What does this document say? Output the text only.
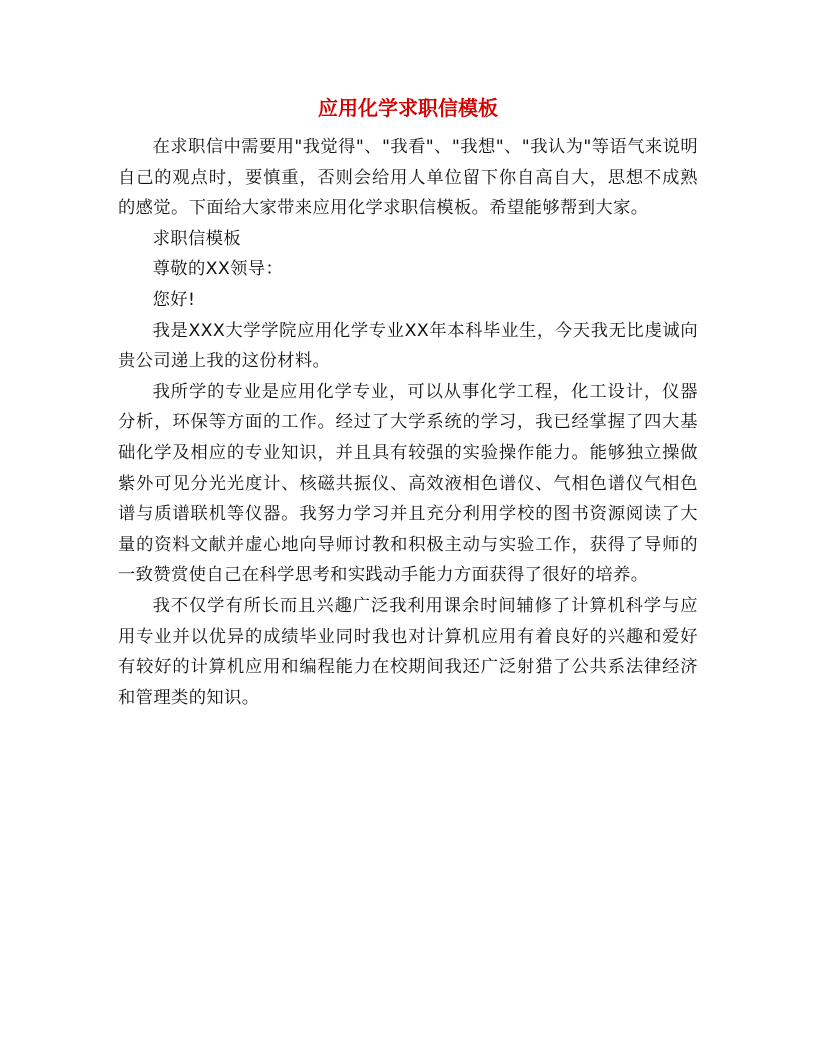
应用化学求职信模板

在求职信中需要用"我觉得"、"我看"、"我想"、"我认为"等语气来说明自己的观点时，要慎重，否则会给用人单位留下你自高自大，思想不成熟的感觉。下面给大家带来应用化学求职信模板。希望能够帮到大家。

求职信模板

尊敬的XX领导：

您好!

我是XXX大学学院应用化学专业XX年本科毕业生，今天我无比虔诚向贵公司递上我的这份材料。

我所学的专业是应用化学专业，可以从事化学工程，化工设计，仪器分析，环保等方面的工作。经过了大学系统的学习，我已经掌握了四大基础化学及相应的专业知识，并且具有较强的实验操作能力。能够独立操做紫外可见分光光度计、核磁共振仪、高效液相色谱仪、气相色谱仪气相色谱与质谱联机等仪器。我努力学习并且充分利用学校的图书资源阅读了大量的资料文献并虚心地向导师讨教和积极主动与实验工作，获得了导师的一致赞赏使自己在科学思考和实践动手能力方面获得了很好的培养。

我不仅学有所长而且兴趣广泛我利用课余时间辅修了计算机科学与应用专业并以优异的成绩毕业同时我也对计算机应用有着良好的兴趣和爱好有较好的计算机应用和编程能力在校期间我还广泛射猎了公共系法律经济和管理类的知识。
